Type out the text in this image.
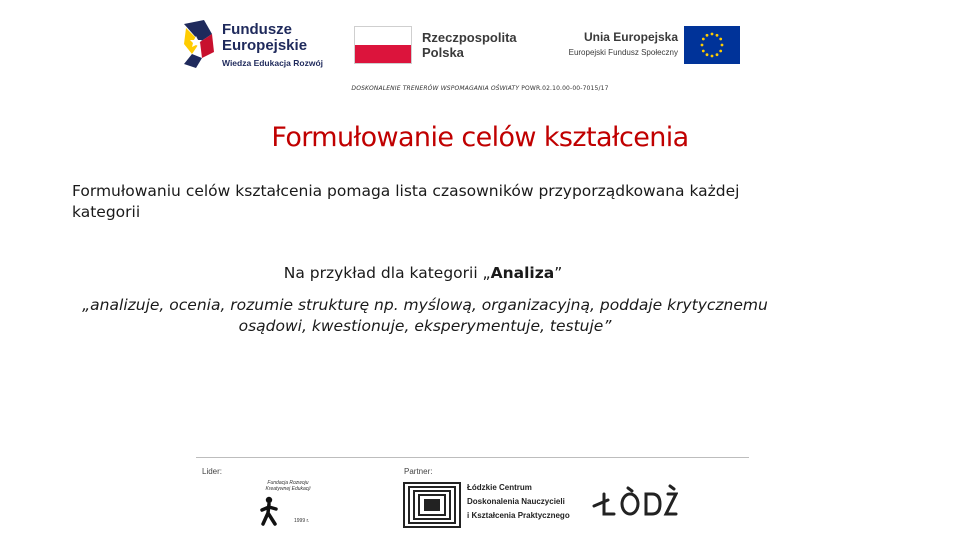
Fundusze
Europejskie
Wiedza Edukacja Rozwój
Rzeczpospolita
Polska
Unia Europejska
Europejski Fundusz Społeczny
DOSKONALENIE TRENERÓW WSPOMAGANIA OŚWIATY POWR.02.10.00-00-7015/17
Formułowanie celów kształcenia
Formułowaniu celów kształcenia pomaga lista czasowników przyporządkowana każdej kategorii
Na przykład dla kategorii „Analiza”
„analizuje, ocenia, rozumie strukturę np. myślową, organizacyjną, poddaje krytycznemu osądowi, kwestionuje, eksperymentuje, testuje”
Lider:	Partner:
Fundacja Rozwoju Kreatywnej Edukacji
1999 r.
Łódzkie Centrum
Doskonalenia Nauczycieli
i Kształcenia Praktycznego
